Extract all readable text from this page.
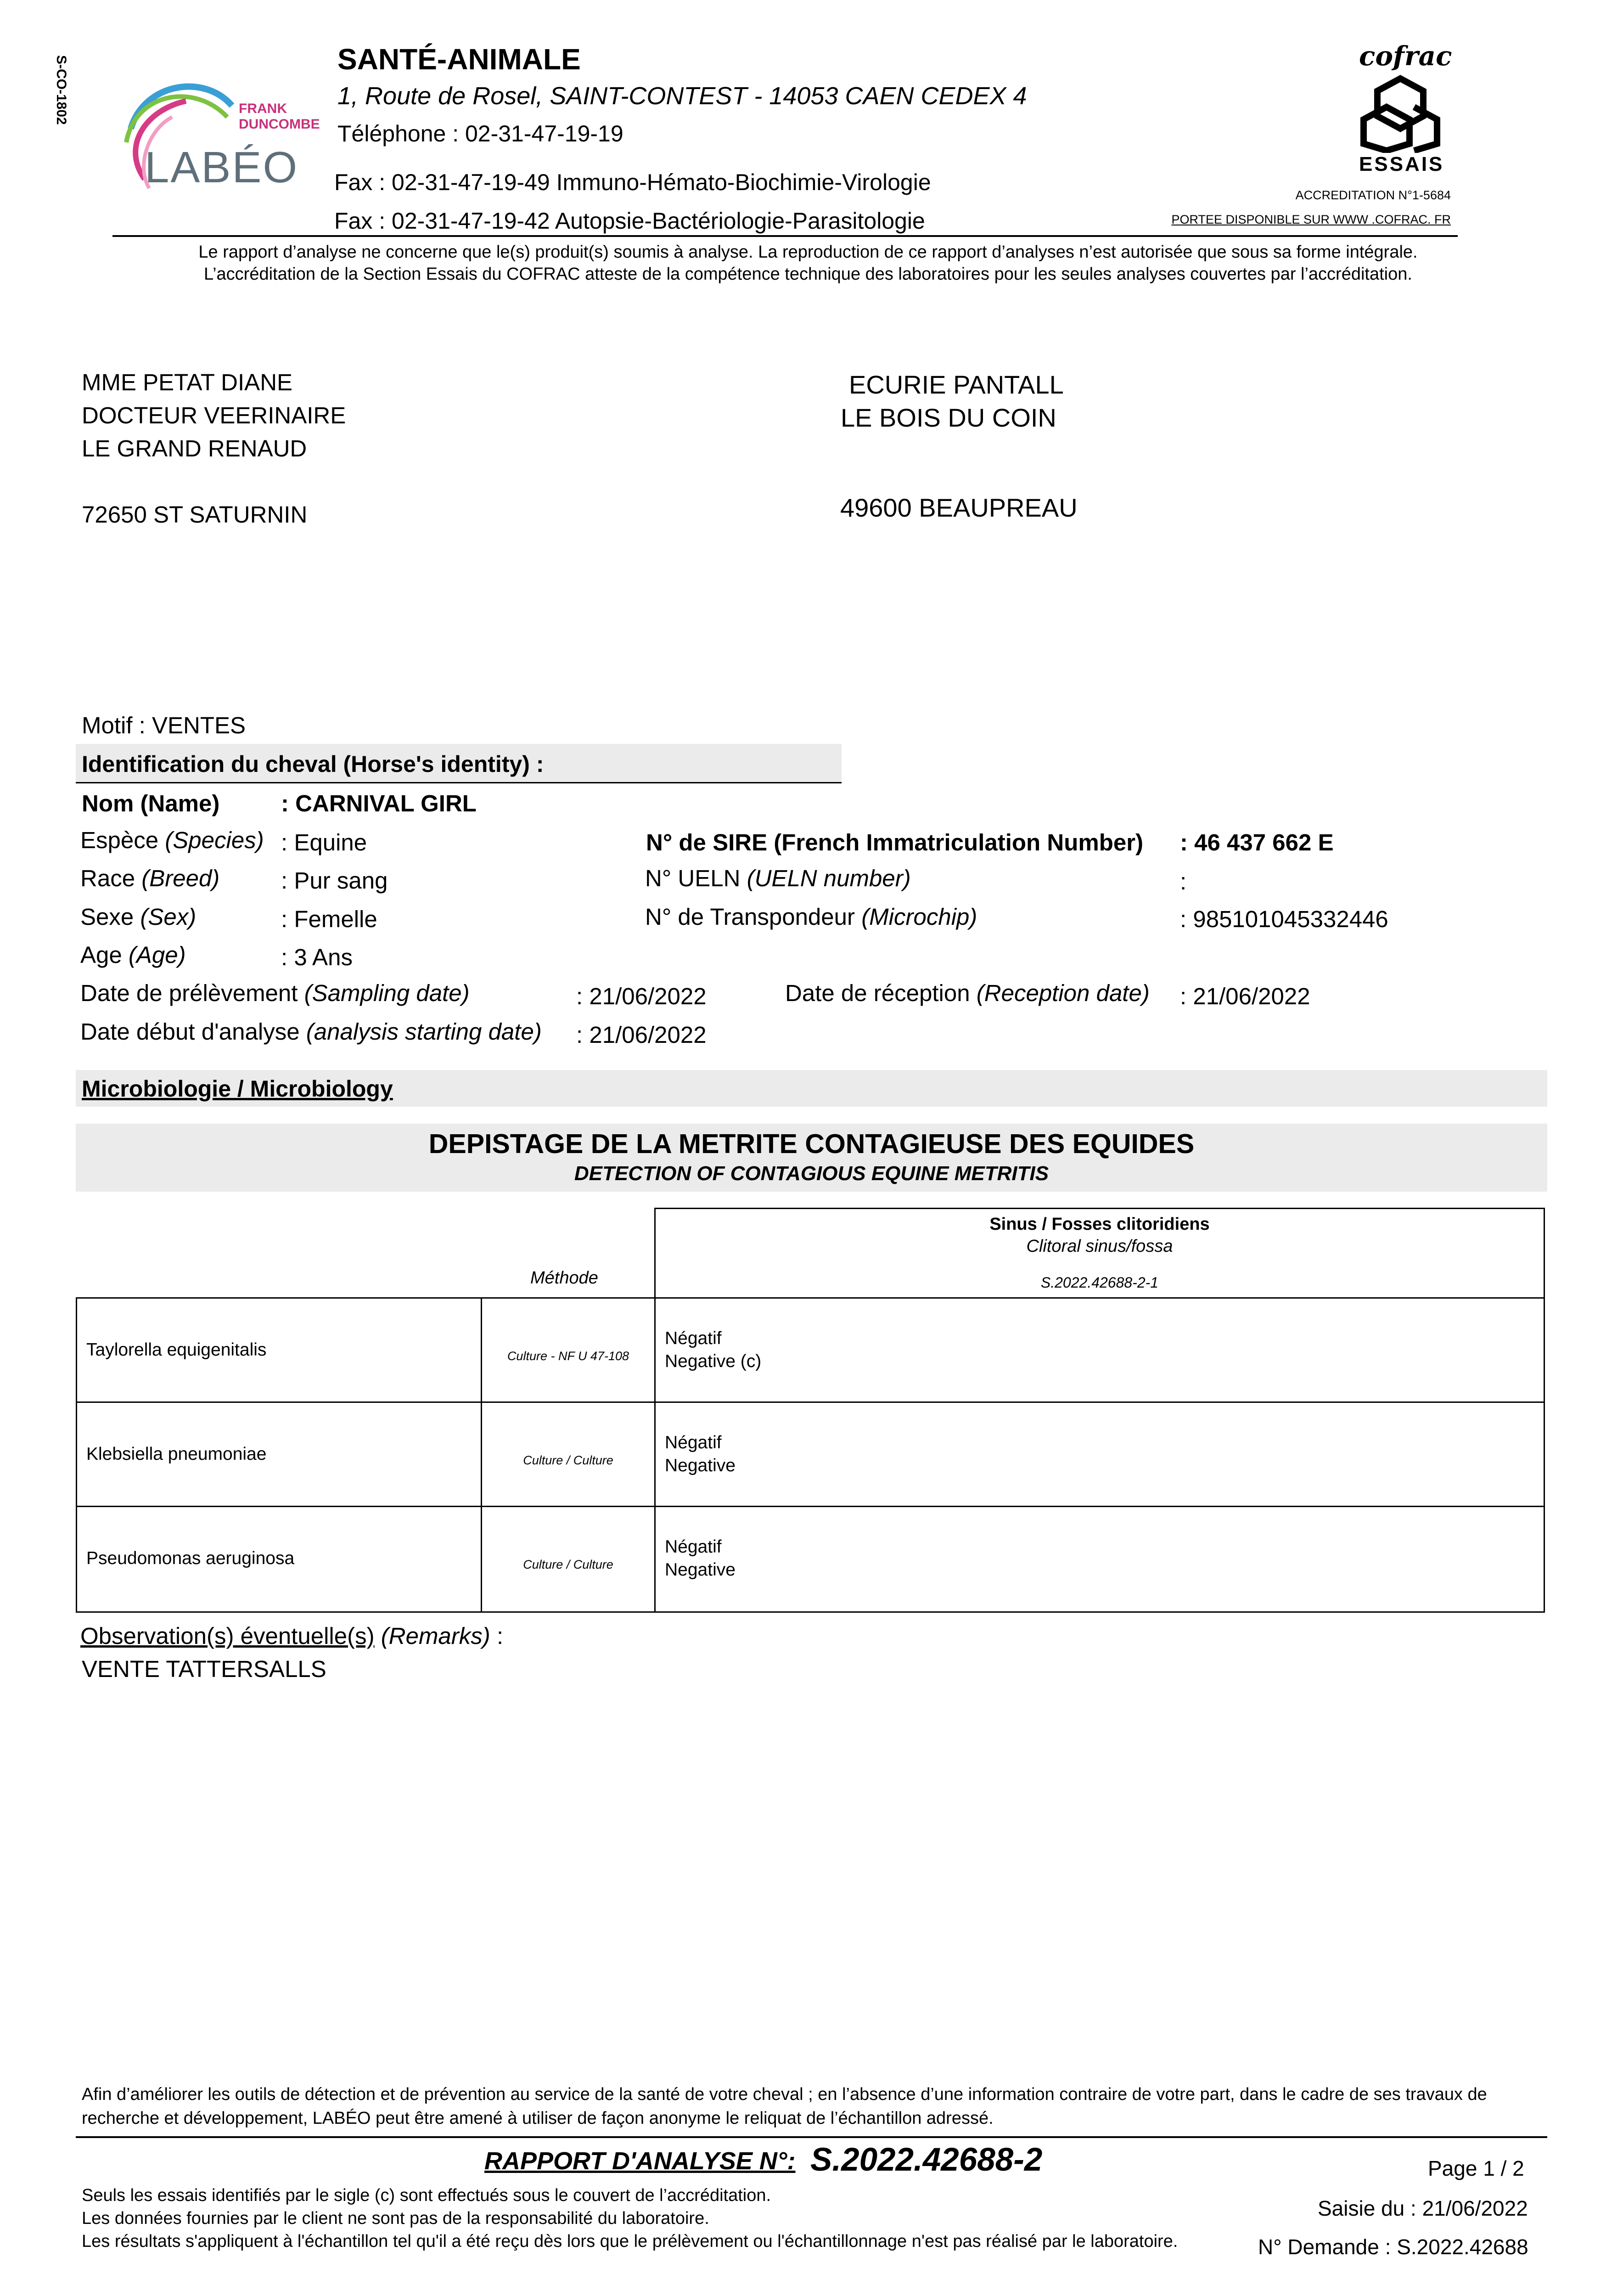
S-CO-1802	FRANK
DUNCOMBE
LABÉO
SANTÉ-ANIMALE
1, Route de Rosel, SAINT-CONTEST - 14053 CAEN CEDEX 4
Téléphone : 02-31-47-19-19
Fax : 02-31-47-19-49 Immuno-Hémato-Biochimie-Virologie
Fax : 02-31-47-19-42 Autopsie-Bactériologie-Parasitologie
cofrac
ESSAIS
ACCREDITATION N°1-5684
PORTEE DISPONIBLE SUR WWW .COFRAC. FR
Le rapport d’analyse ne concerne que le(s) produit(s) soumis à analyse. La reproduction de ce rapport d’analyses n’est autorisée que sous sa forme intégrale.
L’accréditation de la Section Essais du COFRAC atteste de la compétence technique des laboratoires pour les seules analyses couvertes par l’accréditation.
MME PETAT DIANE
DOCTEUR VEERINAIRE
LE GRAND RENAUD
72650 ST SATURNIN
ECURIE PANTALL
LE BOIS DU COIN
49600 BEAUPREAU
Motif : VENTES
Identification du cheval (Horse's identity) :
Nom (Name)	: CARNIVAL GIRL
Espèce (Species) : Equine
Race (Breed)	: Pur sang
Sexe (Sex)	: Femelle
Age (Age)	: 3 Ans
N° de SIRE (French Immatriculation Number) : 46 437 662 E
N° UELN (UELN number)	:
N° de Transpondeur (Microchip)	: 985101045332446
Date de prélèvement (Sampling date)	: 21/06/2022	Date de réception (Reception date) : 21/06/2022
Date début d'analyse (analysis starting date) : 21/06/2022
Microbiologie / Microbiology
DEPISTAGE DE LA METRITE CONTAGIEUSE DES EQUIDES
DETECTION OF CONTAGIOUS EQUINE METRITIS
Méthode
Sinus / Fosses clitoridiens
Clitoral sinus/fossa
S.2022.42688-2-1
Taylorella equigenitalis	Culture - NF U 47-108
Négatif
Negative (c)
Klebsiella pneumoniae	Culture / Culture
Négatif
Negative
Pseudomonas aeruginosa	Culture / Culture
Négatif
Negative
Observation(s) éventuelle(s) (Remarks) :
VENTE TATTERSALLS
Afin d’améliorer les outils de détection et de prévention au service de la santé de votre cheval ; en l’absence d’une information contraire de votre part, dans le cadre de ses travaux de recherche et développement, LABÉO peut être amené à utiliser de façon anonyme le reliquat de l’échantillon adressé.
RAPPORT D'ANALYSE N°: S.2022.42688-2	Page 1 / 2
Saisie du : 21/06/2022
N° Demande : S.2022.42688
Seuls les essais identifiés par le sigle (c) sont effectués sous le couvert de l’accréditation.
Les données fournies par le client ne sont pas de la responsabilité du laboratoire.
Les résultats s'appliquent à l'échantillon tel qu'il a été reçu dès lors que le prélèvement ou l'échantillonnage n'est pas réalisé par le laboratoire.
